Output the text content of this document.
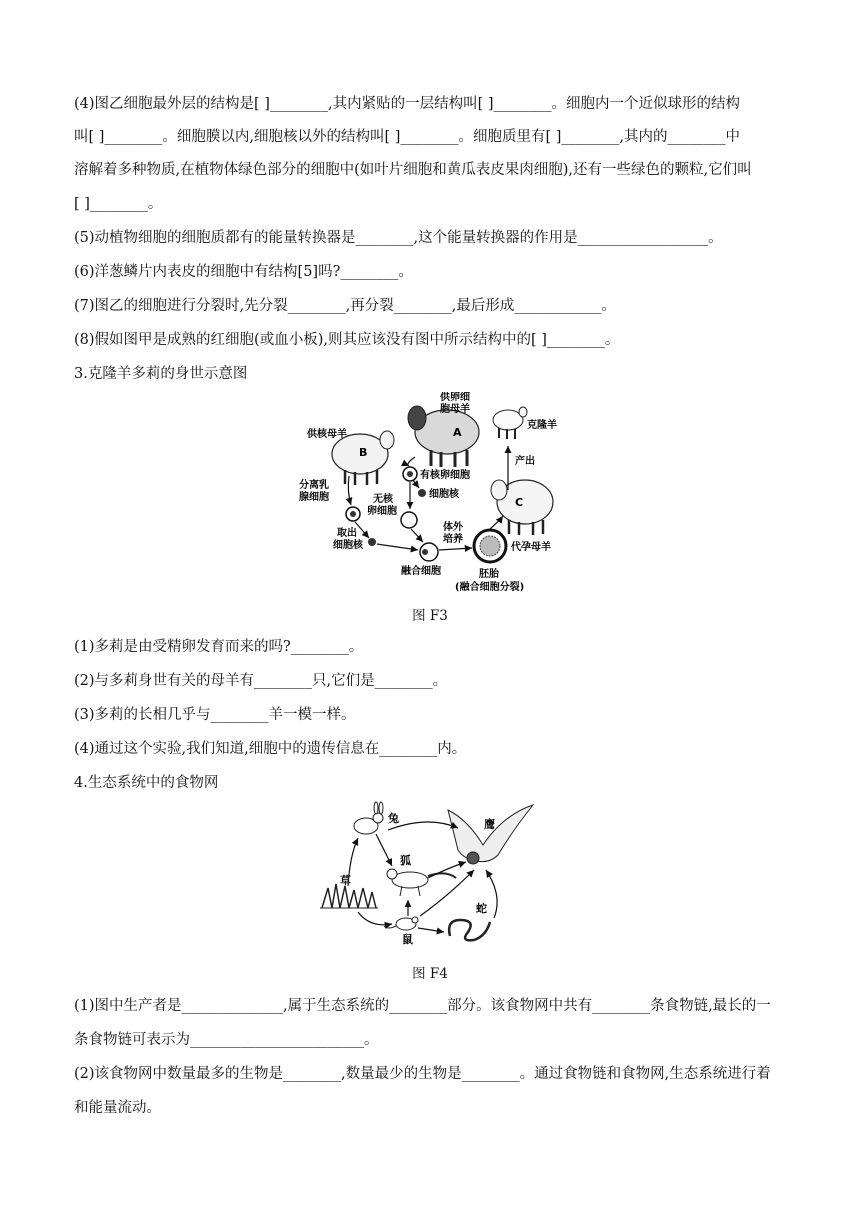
(4)图乙细胞最外层的结构是[ ]________,其内紧贴的一层结构叫[ ]________。细胞内一个近似球形的结构
叫[ ]________。细胞膜以内,细胞核以外的结构叫[ ]________。细胞质里有[ ]________,其内的________中
溶解着多种物质,在植物体绿色部分的细胞中(如叶片细胞和黄瓜表皮果肉细胞),还有一些绿色的颗粒,它们叫
[ ]________。
(5)动植物细胞的细胞质都有的能量转换器是________,这个能量转换器的作用是__________________。
(6)洋葱鳞片内表皮的细胞中有结构[5]吗?________。
(7)图乙的细胞进行分裂时,先分裂________,再分裂________,最后形成____________。
(8)假如图甲是成熟的红细胞(或血小板),则其应该没有图中所示结构中的[ ]________。
3.克隆羊多莉的身世示意图
A
供卵细
胞母羊
B
供核母羊
C
代孕母羊
克隆羊
产出
有核卵细胞
细胞核
分离乳
腺细胞	无核
卵细胞
取出
细胞核
融合细胞
体外
培养
胚胎
(融合细胞分裂)
图 F3
(1)多莉是由受精卵发育而来的吗?________。
(2)与多莉身世有关的母羊有________只,它们是________。
(3)多莉的长相几乎与________羊一模一样。
(4)通过这个实验,我们知道,细胞中的遗传信息在________内。
4.生态系统中的食物网
兔	鹰
狐
草
鼠
蛇
图 F4
(1)图中生产者是______________,属于生态系统的________部分。该食物网中共有________条食物链,最长的一
条食物链可表示为________________________。
(2)该食物网中数量最多的生物是________,数量最少的生物是________。通过食物链和食物网,生态系统进行着
和能量流动。
